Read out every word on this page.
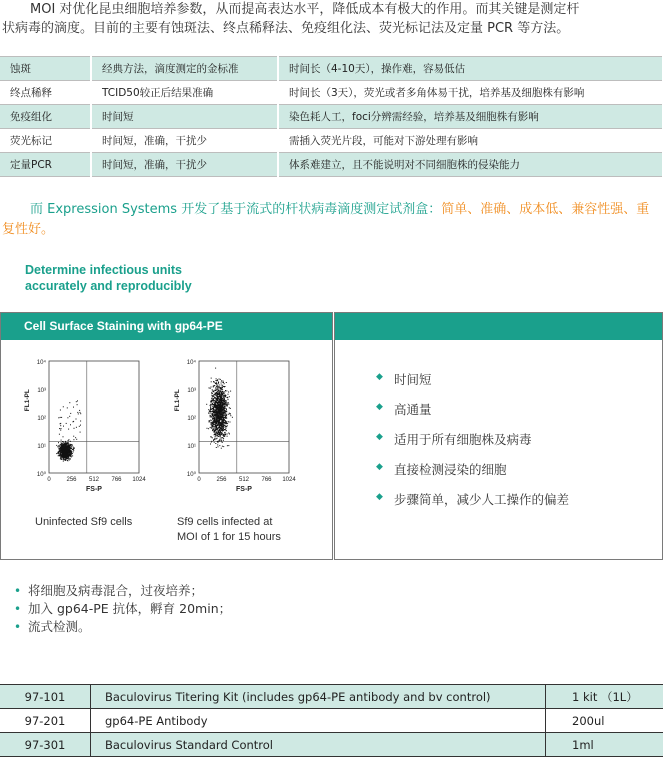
MOI 对优化昆虫细胞培养参数，从而提高表达水平，降低成本有极大的作用。而其关键是测定杆
状病毒的滴度。目前的主要有蚀斑法、终点稀释法、免疫组化法、荧光标记法及定量 PCR 等方法。

蚀斑	经典方法，滴度测定的金标准	时间长（4-10天），操作难，容易低估
终点稀释	TCID50较正后结果准确	时间长（3天），荧光或者多角体易干扰，培养基及细胞株有影响
免疫组化	时间短	染色耗人工，foci分辨需经验，培养基及细胞株有影响
荧光标记	时间短，准确，干扰少	需插入荧光片段，可能对下游处理有影响
定量PCR	时间短，准确，干扰少	体系难建立，且不能说明对不同细胞株的侵染能力

而 Expression Systems 开发了基于流式的杆状病毒滴度测定试剂盒：简单、准确、成本低、兼容性强、重复性好。

Determine infectious units
accurately and reproducibly
Cell Surface Staining with gp64-PE
10⁴
10³
10²
10¹
10⁰
0	256 512 766 1024
FS-P
FL1-PL
10⁴
10³
10²
10¹
10⁰
0	256 512 766 1024
FS-P
FL1-PL
Uninfected Sf9 cells	Sf9 cells infected at
MOI of 1 for 15 hours
◆ 时间短
◆ 高通量
◆ 适用于所有细胞株及病毒
◆ 直接检测浸染的细胞
◆ 步骤简单，减少人工操作的偏差
• 将细胞及病毒混合，过夜培养；
• 加入 gp64-PE 抗体，孵育 20min；
• 流式检测。
97-101	Baculovirus Titering Kit (includes gp64-PE antibody and bv control)	1 kit （1L）
97-201	gp64-PE Antibody	200ul
97-301	Baculovirus Standard Control	1ml
